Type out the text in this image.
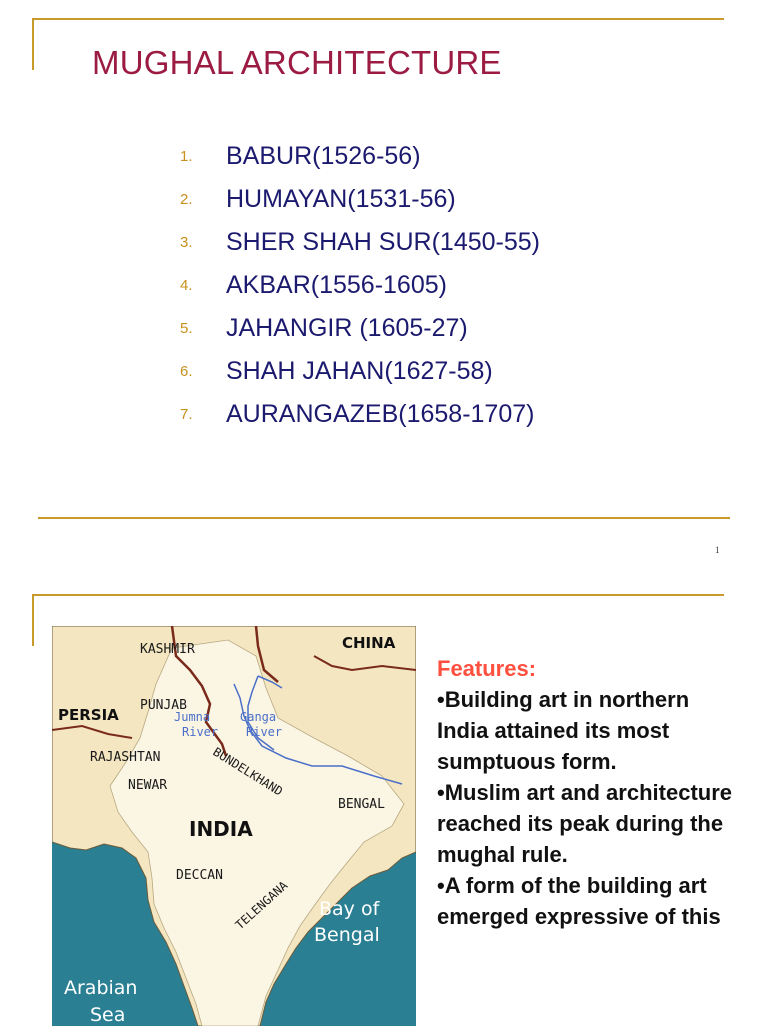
MUGHAL ARCHITECTURE
1.	BABUR(1526-56)
2.	HUMAYAN(1531-56)
3.	SHER SHAH SUR(1450-55)
4.	AKBAR(1556-1605)
5.	JAHANGIR (1605-27)
6.	SHAH JAHAN(1627-58)
7.	AURANGAZEB(1658-1707)
1
KASHMIR	CHINA
PERSIA
PUNJAB
Jumna
River
Ganga
River
RAJASHTAN
NEWAR	BUNDELKHAND
BENGAL
INDIA
DECCAN
TELENGANA Bay of
Bengal
Arabian
Sea
Features:
•Building art in northern India attained its most sumptuous form.
•Muslim art and architecture reached its peak during the mughal rule.
•A form of the building art emerged expressive of this
